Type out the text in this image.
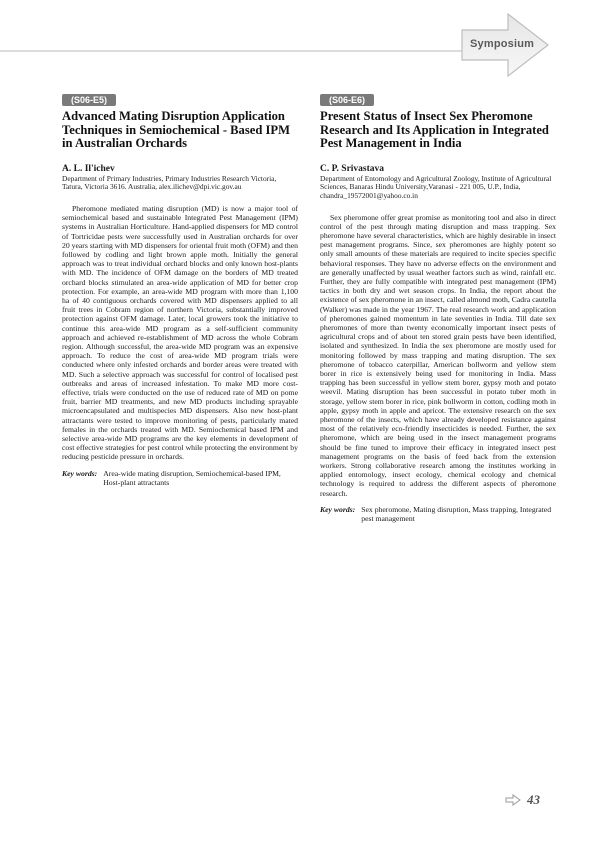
Symposium
(S06-E5)
Advanced Mating Disruption Application Techniques in Semiochemical - Based IPM in Australian Orchards
A. L. Il'ichev

Department of Primary Industries, Primary Industries Research Victoria, Tatura, Victoria 3616. Australia, alex.ilichev@dpi.vic.gov.au

Pheromone mediated mating disruption (MD) is now a major tool of semiochemical based and sustainable Integrated Pest Management (IPM) systems in Australian Horticulture. Hand-applied dispensers for MD control of Tortricidae pests were successfully used in Australian orchards for over 20 years starting with MD dispensers for oriental fruit moth (OFM) and then followed by codling and light brown apple moth. Initially the general approach was to treat individual orchard blocks and only known host-plants with MD. The incidence of OFM damage on the borders of MD treated orchard blocks stimulated an area-wide application of MD for better crop protection. For example, an area-wide MD program with more than 1,100 ha of 40 contiguous orchards covered with MD dispensers applied to all fruit trees in Cobram region of northern Victoria, substantially improved protection against OFM damage. Later, local growers took the initiative to continue this area-wide MD program as a self-sufficient community approach and achieved re-establishment of MD across the whole Cobram region. Although successful, the area-wide MD program was an expensive approach. To reduce the cost of area-wide MD program trials were conducted where only infested orchards and border areas were treated with MD. Such a selective approach was successful for control of localised pest outbreaks and areas of increased infestation. To make MD more cost-effective, trials were conducted on the use of reduced rate of MD on pome fruit, barrier MD treatments, and new MD products including sprayable microencapsulated and multispecies MD dispensers. Also new host-plant attractants were tested to improve monitoring of pests, particularly mated females in the orchards treated with MD. Semiochemical based IPM and selective area-wide MD programs are the key elements in development of cost effective strategies for pest control while protecting the environment by reducing pesticide pressure in orchards.

Key words: Area-wide mating disruption, Semiochemical-based IPM, Host-plant attractants
(S06-E6)
Present Status of Insect Sex Pheromone Research and Its Application in Integrated Pest Management in India
C. P. Srivastava

Department of Entomology and Agricultural Zoology, Institute of Agricultural Sciences, Banaras Hindu University,Varanasi - 221 005, U.P., India, chandra_19572001@yahoo.co.in

Sex pheromone offer great promise as monitoring tool and also in direct control of the pest through mating disruption and mass trapping. Sex pheromone have several characteristics, which are highly desirable in insect pest management programs. Since, sex pheromones are highly potent so only small amounts of these materials are required to incite species specific behavioral responses. They have no adverse effects on the environment and are generally unaffected by usual weather factors such as wind, rainfall etc. Further, they are fully compatible with integrated pest management (IPM) tactics in both dry and wet season crops. In India, the report about the existence of sex pheromone in an insect, called almond moth, Cadra cautella (Walker) was made in the year 1967. The real research work and application of pheromones gained momentum in late seventies in India. Till date sex pheromones of more than twenty economically important insect pests of agricultural crops and of about ten stored grain pests have been identified, isolated and synthesized. In India the sex pheromone are mostly used for monitoring followed by mass trapping and mating disruption. The sex pheromone of tobacco caterpillar, American bollworm and yellow stem borer in rice is extensively being used for monitoring in India. Mass trapping has been successful in yellow stem borer, gypsy moth and potato weevil. Mating disruption has been successful in potato tuber moth in storage, yellow stem borer in rice, pink bollworm in cotton, codling moth in apple, gypsy moth in apple and apricot. The extensive research on the sex pheromone of the insects, which have already developed resistance against most of the relatively eco-friendly insecticides is needed. Further, the sex pheromone, which are being used in the insect management programs should be fine tuned to improve their efficacy in integrated insect pest management programs on the basis of feed back from the extension workers. Strong collaborative research among the institutes working in applied entomology, insect ecology, chemical ecology and chemical technology is required to address the different aspects of pheromone research.

Key words: Sex pheromone, Mating disruption, Mass trapping, Integrated pest management
43
